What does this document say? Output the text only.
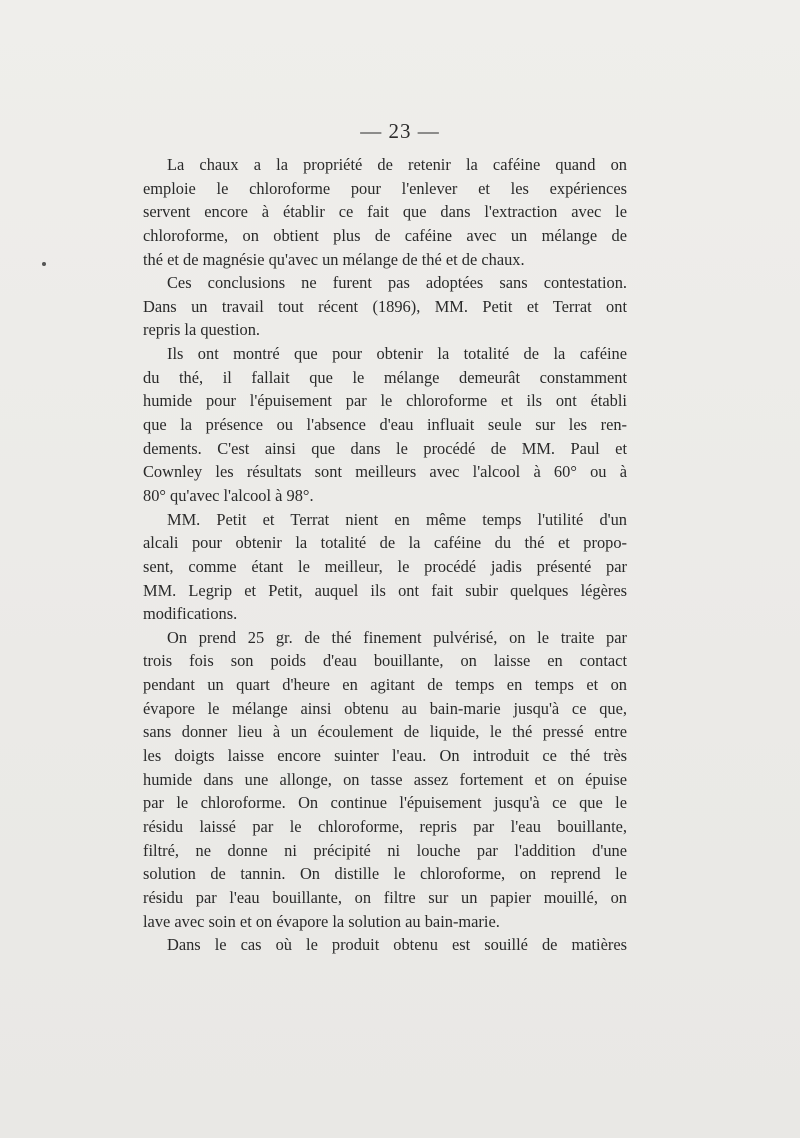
— 23 —
La chaux a la propriété de retenir la caféine quand on
emploie le chloroforme pour l'enlever et les expériences
servent encore à établir ce fait que dans l'extraction avec le
chloroforme, on obtient plus de caféine avec un mélange de
thé et de magnésie qu'avec un mélange de thé et de chaux.
Ces conclusions ne furent pas adoptées sans contestation.
Dans un travail tout récent (1896), MM. Petit et Terrat ont
repris la question.
Ils ont montré que pour obtenir la totalité de la caféine
du thé, il fallait que le mélange demeurât constamment
humide pour l'épuisement par le chloroforme et ils ont établi
que la présence ou l'absence d'eau influait seule sur les ren-
dements. C'est ainsi que dans le procédé de MM. Paul et
Cownley les résultats sont meilleurs avec l'alcool à 60° ou à
80° qu'avec l'alcool à 98°.
MM. Petit et Terrat nient en même temps l'utilité d'un
alcali pour obtenir la totalité de la caféine du thé et propo-
sent, comme étant le meilleur, le procédé jadis présenté par
MM. Legrip et Petit, auquel ils ont fait subir quelques légères
modifications.
On prend 25 gr. de thé finement pulvérisé, on le traite par
trois fois son poids d'eau bouillante, on laisse en contact
pendant un quart d'heure en agitant de temps en temps et on
évapore le mélange ainsi obtenu au bain-marie jusqu'à ce que,
sans donner lieu à un écoulement de liquide, le thé pressé entre
les doigts laisse encore suinter l'eau. On introduit ce thé très
humide dans une allonge, on tasse assez fortement et on épuise
par le chloroforme. On continue l'épuisement jusqu'à ce que le
résidu laissé par le chloroforme, repris par l'eau bouillante,
filtré, ne donne ni précipité ni louche par l'addition d'une
solution de tannin. On distille le chloroforme, on reprend le
résidu par l'eau bouillante, on filtre sur un papier mouillé, on
lave avec soin et on évapore la solution au bain-marie.
Dans le cas où le produit obtenu est souillé de matières
